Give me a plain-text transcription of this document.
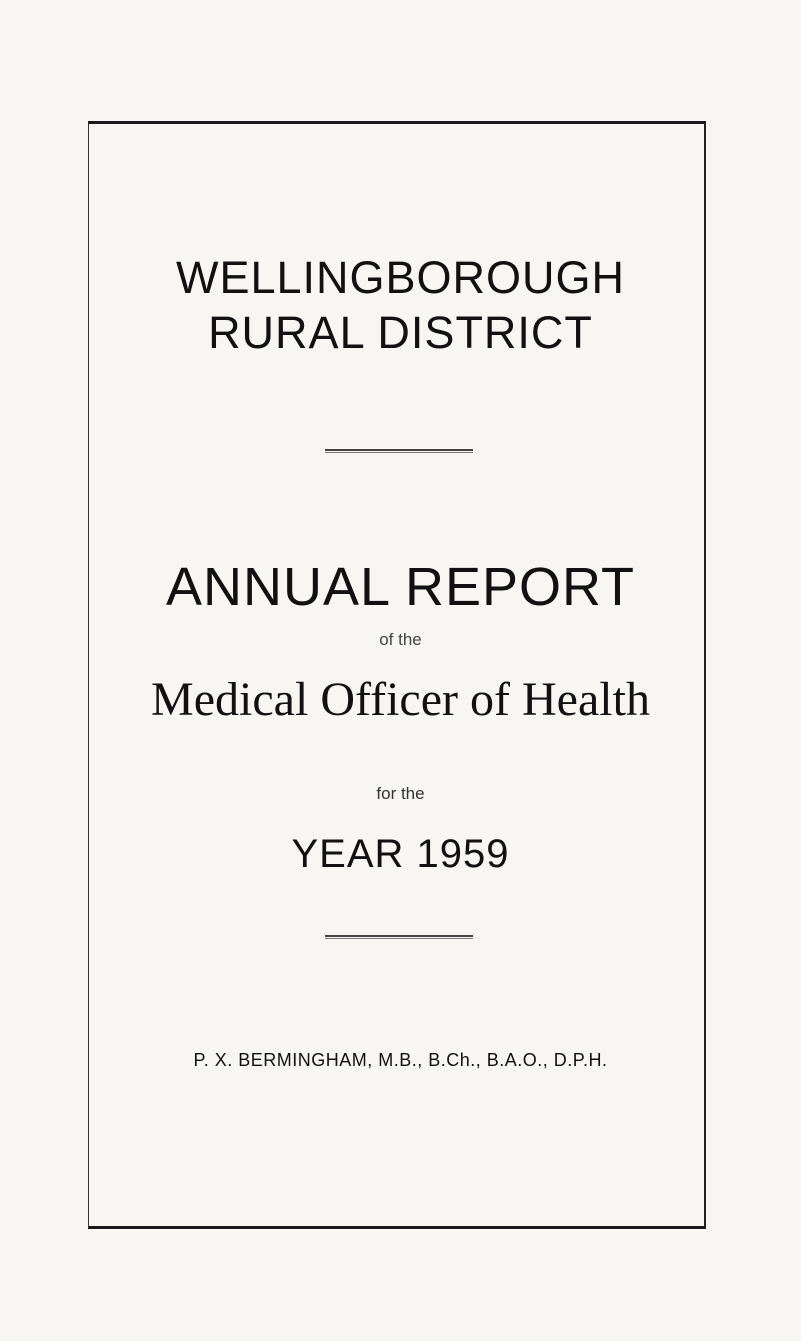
WELLINGBOROUGH
RURAL DISTRICT
ANNUAL REPORT
of the
Medical Officer of Health
for the
YEAR 1959
P. X. BERMINGHAM, M.B., B.Ch., B.A.O., D.P.H.
